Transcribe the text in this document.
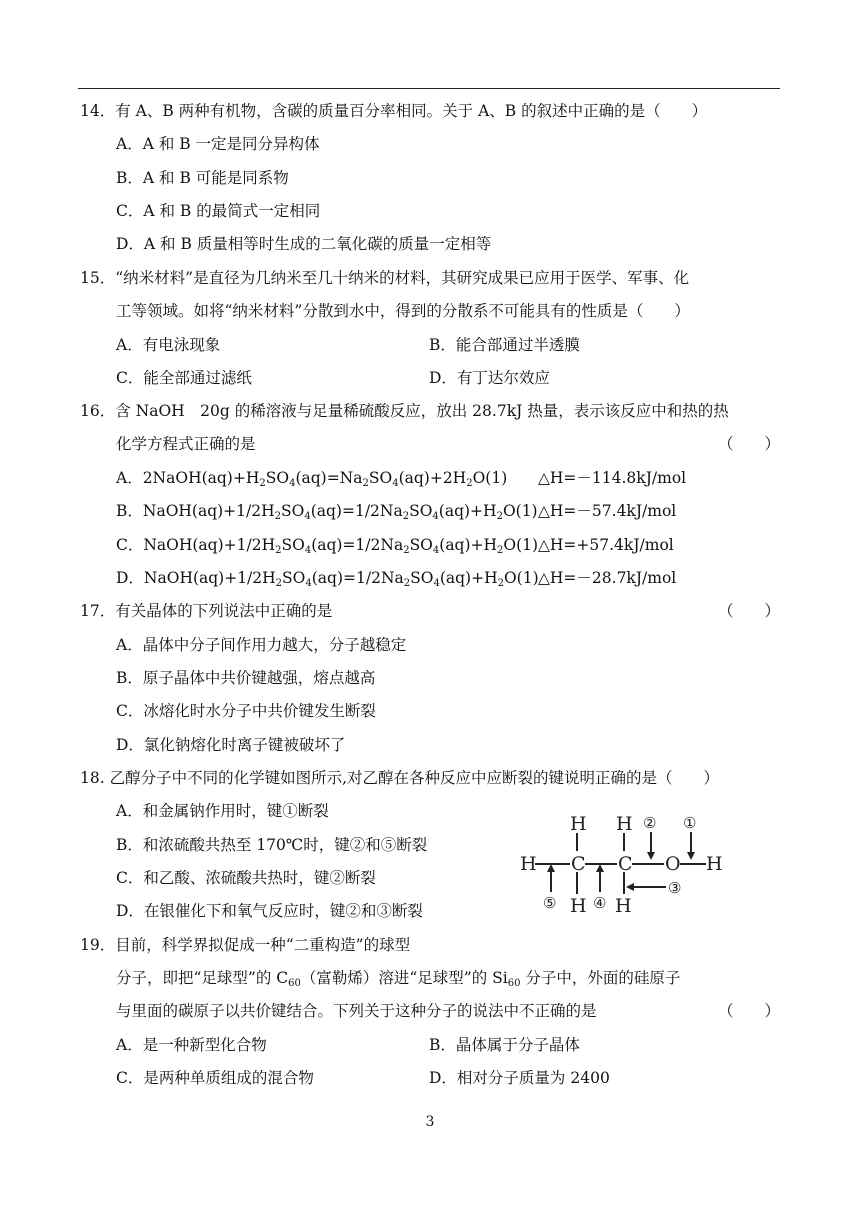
14．有 A、B 两种有机物，含碳的质量百分率相同。关于 A、B 的叙述中正确的是（　　）
A．A 和 B 一定是同分异构体
B．A 和 B 可能是同系物
C．A 和 B 的最简式一定相同
D．A 和 B 质量相等时生成的二氧化碳的质量一定相等
15．“纳米材料”是直径为几纳米至几十纳米的材料，其研究成果已应用于医学、军事、化
工等领域。如将“纳米材料”分散到水中，得到的分散系不可能具有的性质是（　　）
A．有电泳现象	B．能合部通过半透膜
C．能全部通过滤纸	D．有丁达尔效应
16．含 NaOH　20g 的稀溶液与足量稀硫酸反应，放出 28.7kJ 热量，表示该反应中和热的热
化学方程式正确的是	（　　）
A．$2NaOH(aq)+H_2SO_4(aq)=Na_2SO_4(aq)+2H_2O(1)$ △H=－114.8kJ/mol
B．$NaOH(aq)+1/2H_2SO_4(aq)=1/2Na_2SO_4(aq)+H_2O(1)$ △H=－57.4kJ/mol
C．$NaOH(aq)+1/2H_2SO_4(aq)=1/2Na_2SO_4(aq)+H_2O(1)$ △H=+57.4kJ/mol
D．$NaOH(aq)+1/2H_2SO_4(aq)=1/2Na_2SO_4(aq)+H_2O(1)$ △H=－28.7kJ/mol
17．有关晶体的下列说法中正确的是	（　　）
A．晶体中分子间作用力越大，分子越稳定
B．原子晶体中共价键越强，熔点越高
C．冰熔化时水分子中共价键发生断裂
D．氯化钠熔化时离子键被破坏了
18. 乙醇分子中不同的化学键如图所示,对乙醇在各种反应中应断裂的键说明正确的是（　　）
A．和金属钠作用时，键①断裂
B．和浓硫酸共热至 170℃时，键②和⑤断裂
C．和乙酸、浓硫酸共热时，键②断裂
D．在银催化下和氧气反应时，键②和③断裂
H H
H C C O H
H H
② ①
③
④
⑤
19．目前，科学界拟促成一种“二重构造”的球型
分子，即把“足球型”的 $C_{60}$（富勒烯）溶进“足球型”的 $Si_{60}$ 分子中，外面的硅原子
与里面的碳原子以共价键结合。下列关于这种分子的说法中不正确的是	（　　）
A．是一种新型化合物	B．晶体属于分子晶体
C．是两种单质组成的混合物	D．相对分子质量为 2400
3
